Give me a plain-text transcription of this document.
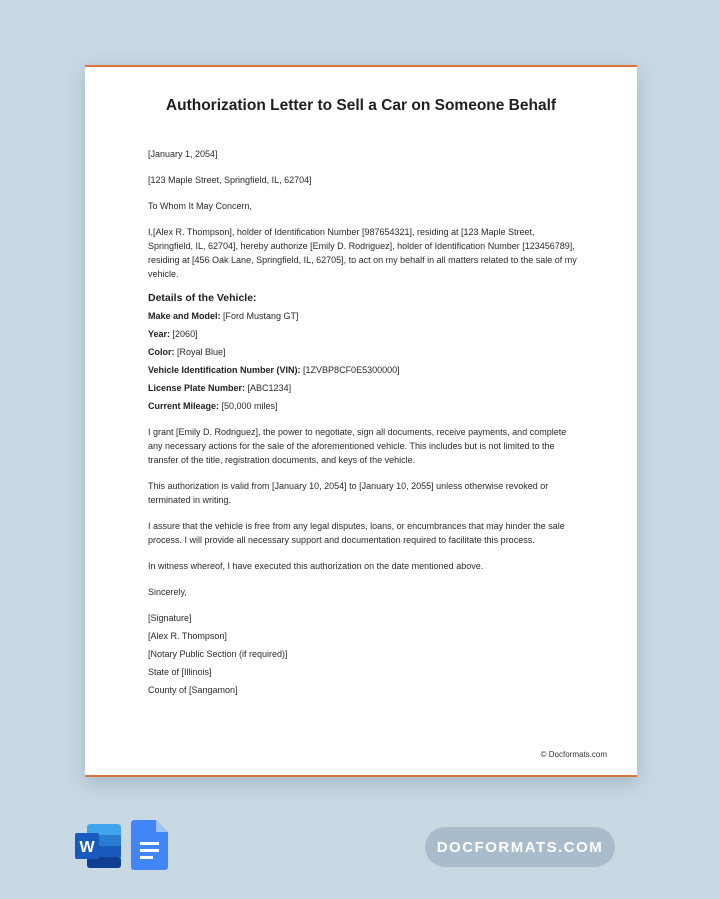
Authorization Letter to Sell a Car on Someone Behalf

[January 1, 2054]

[123 Maple Street, Springfield, IL, 62704]

To Whom It May Concern,

I,[Alex R. Thompson], holder of Identification Number [987654321], residing at [123 Maple Street, Springfield, IL, 62704], hereby authorize [Emily D. Rodriguez], holder of Identification Number [123456789], residing at [456 Oak Lane, Springfield, IL, 62705], to act on my behalf in all matters related to the sale of my vehicle.

Details of the Vehicle:

Make and Model: [Ford Mustang GT]

Year: [2060]

Color: [Royal Blue]

Vehicle Identification Number (VIN): [1ZVBP8CF0E5300000]

License Plate Number: [ABC1234]

Current Mileage: [50,000 miles]

I grant [Emily D. Rodriguez], the power to negotiate, sign all documents, receive payments, and complete any necessary actions for the sale of the aforementioned vehicle. This includes but is not limited to the transfer of the title, registration documents, and keys of the vehicle.

This authorization is valid from [January 10, 2054] to [January 10, 2055] unless otherwise revoked or terminated in writing.

I assure that the vehicle is free from any legal disputes, loans, or encumbrances that may hinder the sale process. I will provide all necessary support and documentation required to facilitate this process.

In witness whereof, I have executed this authorization on the date mentioned above.

Sincerely,

[Signature]

[Alex R. Thompson]

[Notary Public Section (if required)]

State of [Illinois]

County of [Sangamon]

© Docformats.com
W	DOCFORMATS.COM
